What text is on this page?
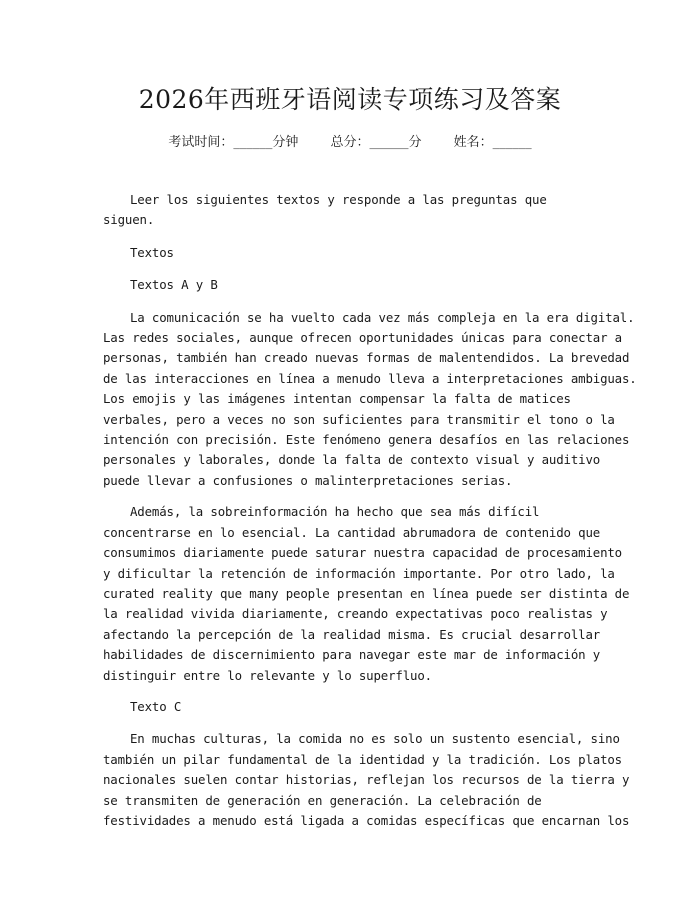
2026年西班牙语阅读专项练习及答案
考试时间：______分钟 总分：______分 姓名：______

Leer los siguientes textos y responde a las preguntas que siguen.

Textos

Textos A y B

La comunicación se ha vuelto cada vez más compleja en la era digital.
Las redes sociales, aunque ofrecen oportunidades únicas para conectar a
personas, también han creado nuevas formas de malentendidos. La brevedad
de las interacciones en línea a menudo lleva a interpretaciones ambiguas.
Los emojis y las imágenes intentan compensar la falta de matices
verbales, pero a veces no son suficientes para transmitir el tono o la
intención con precisión. Este fenómeno genera desafíos en las relaciones
personales y laborales, donde la falta de contexto visual y auditivo
puede llevar a confusiones o malinterpretaciones serias.

Además, la sobreinformación ha hecho que sea más difícil
concentrarse en lo esencial. La cantidad abrumadora de contenido que
consumimos diariamente puede saturar nuestra capacidad de procesamiento
y dificultar la retención de información importante. Por otro lado, la
curated reality que many people presentan en línea puede ser distinta de
la realidad vivida diariamente, creando expectativas poco realistas y
afectando la percepción de la realidad misma. Es crucial desarrollar
habilidades de discernimiento para navegar este mar de información y
distinguir entre lo relevante y lo superfluo.

Texto C

En muchas culturas, la comida no es solo un sustento esencial, sino
también un pilar fundamental de la identidad y la tradición. Los platos
nacionales suelen contar historias, reflejan los recursos de la tierra y
se transmiten de generación en generación. La celebración de
festividades a menudo está ligada a comidas específicas que encarnan los
